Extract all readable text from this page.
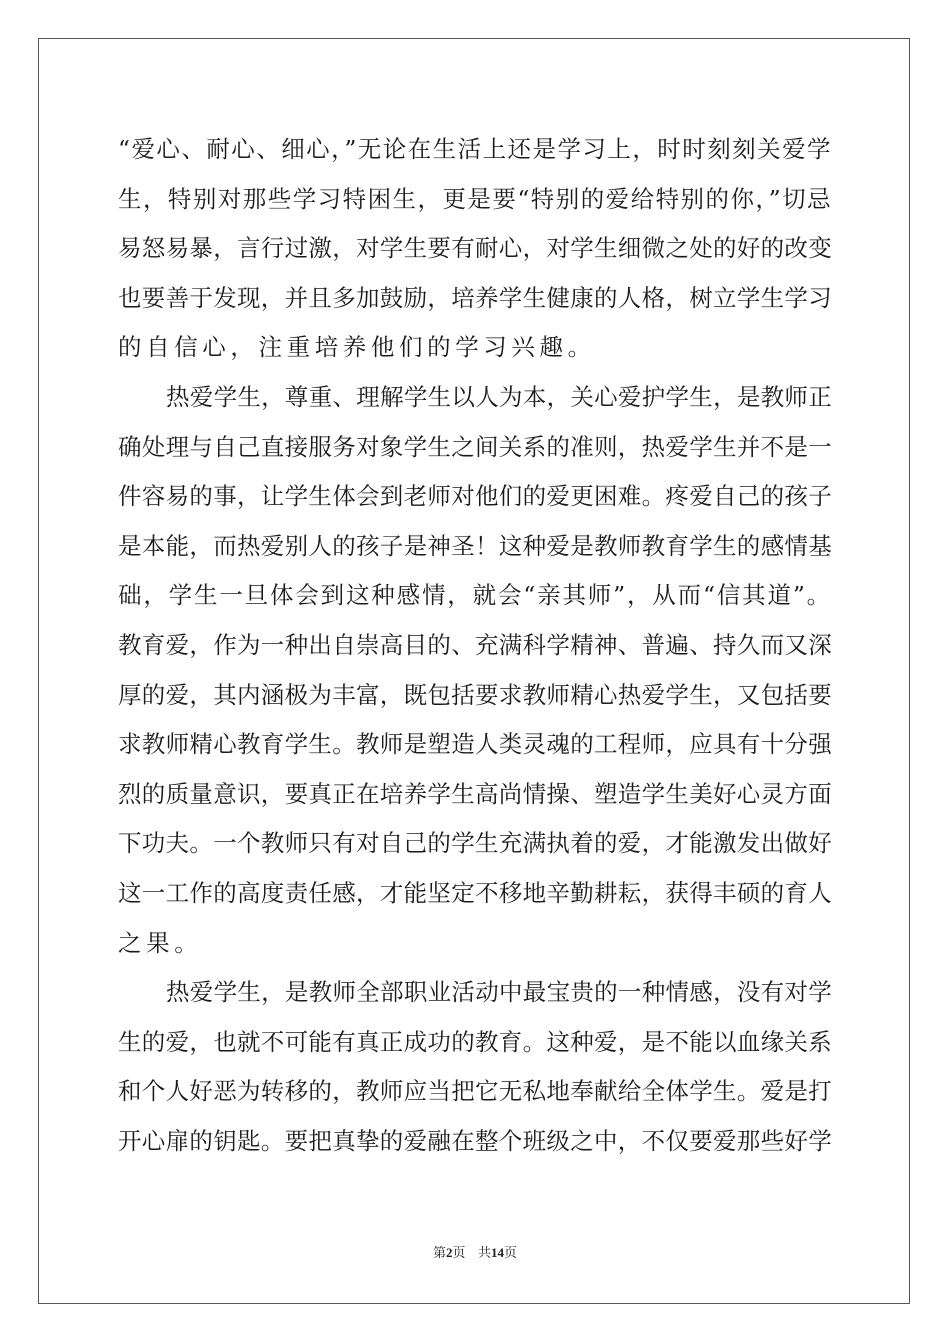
“爱心、耐心、细心，”无论在生活上还是学习上，时时刻刻关爱学
生，特别对那些学习特困生，更是要“特别的爱给特别的你，”切忌
易怒易暴，言行过激，对学生要有耐心，对学生细微之处的好的改变
也要善于发现，并且多加鼓励，培养学生健康的人格，树立学生学习
的自信心，注重培养他们的学习兴趣。
热爱学生，尊重、理解学生以人为本，关心爱护学生，是教师正
确处理与自己直接服务对象学生之间关系的准则，热爱学生并不是一
件容易的事，让学生体会到老师对他们的爱更困难。疼爱自己的孩子
是本能，而热爱别人的孩子是神圣！这种爱是教师教育学生的感情基
础，学生一旦体会到这种感情，就会“亲其师”，从而“信其道”。
教育爱，作为一种出自崇高目的、充满科学精神、普遍、持久而又深
厚的爱，其内涵极为丰富，既包括要求教师精心热爱学生，又包括要
求教师精心教育学生。教师是塑造人类灵魂的工程师，应具有十分强
烈的质量意识，要真正在培养学生高尚情操、塑造学生美好心灵方面
下功夫。一个教师只有对自己的学生充满执着的爱，才能激发出做好
这一工作的高度责任感，才能坚定不移地辛勤耕耘，获得丰硕的育人
之果。
热爱学生，是教师全部职业活动中最宝贵的一种情感，没有对学
生的爱，也就不可能有真正成功的教育。这种爱，是不能以血缘关系
和个人好恶为转移的，教师应当把它无私地奉献给全体学生。爱是打
开心扉的钥匙。要把真挚的爱融在整个班级之中，不仅要爱那些好学
第2页 共14页
